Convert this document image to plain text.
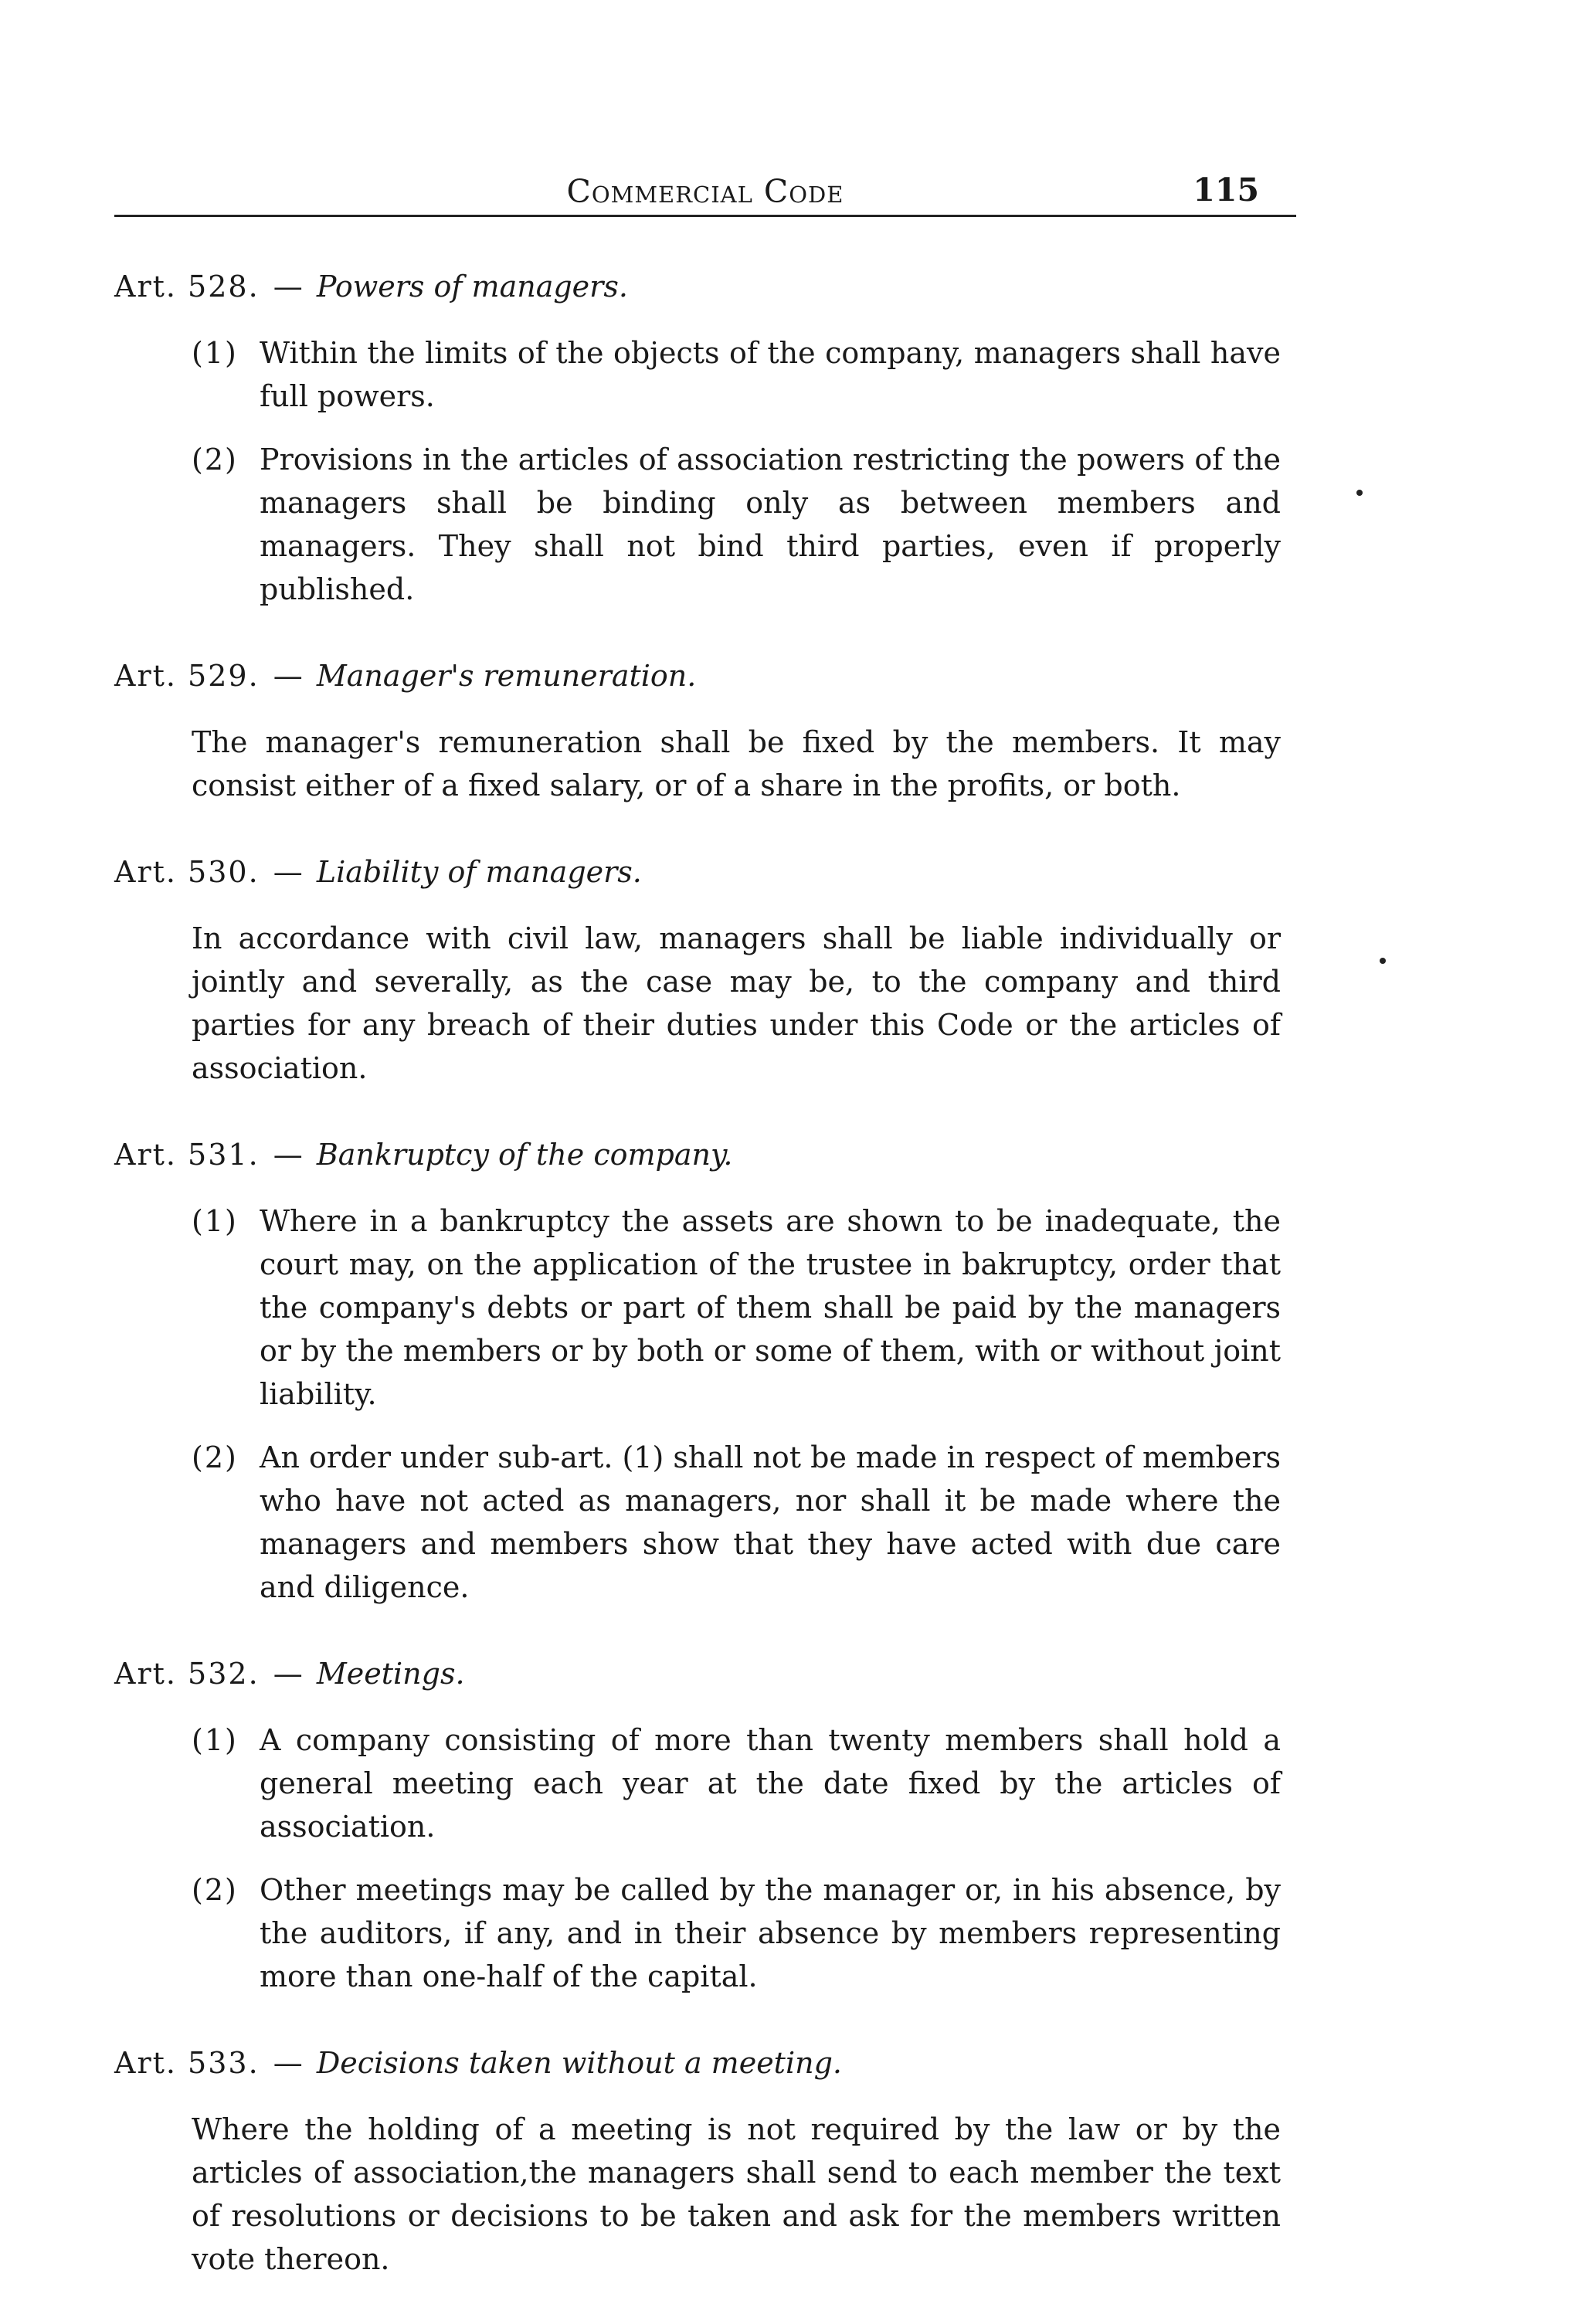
Commercial Code	115
Art. 528. — Powers of managers.
(1) Within the limits of the objects of the company, managers shall have full powers.
(2) Provisions in the articles of association restricting the powers of the managers shall be binding only as between members and managers. They shall not bind third parties, even if properly published.
Art. 529. — Manager's remuneration.
The manager's remuneration shall be fixed by the members. It may consist either of a fixed salary, or of a share in the profits, or both.
Art. 530. — Liability of managers.
In accordance with civil law, managers shall be liable individually or jointly and severally, as the case may be, to the company and third parties for any breach of their duties under this Code or the articles of association.
Art. 531. — Bankruptcy of the company.
(1) Where in a bankruptcy the assets are shown to be inadequate, the court may, on the application of the trustee in bakruptcy, order that the company's debts or part of them shall be paid by the managers or by the members or by both or some of them, with or without joint liability.
(2) An order under sub-art. (1) shall not be made in respect of members who have not acted as managers, nor shall it be made where the managers and members show that they have acted with due care and diligence.
Art. 532. — Meetings.
(1) A company consisting of more than twenty members shall hold a general meeting each year at the date fixed by the articles of association.
(2) Other meetings may be called by the manager or, in his absence, by the auditors, if any, and in their absence by members representing more than one-half of the capital.
Art. 533. — Decisions taken without a meeting.
Where the holding of a meeting is not required by the law or by the articles of association,the managers shall send to each member the text of resolutions or decisions to be taken and ask for the members written vote thereon.
